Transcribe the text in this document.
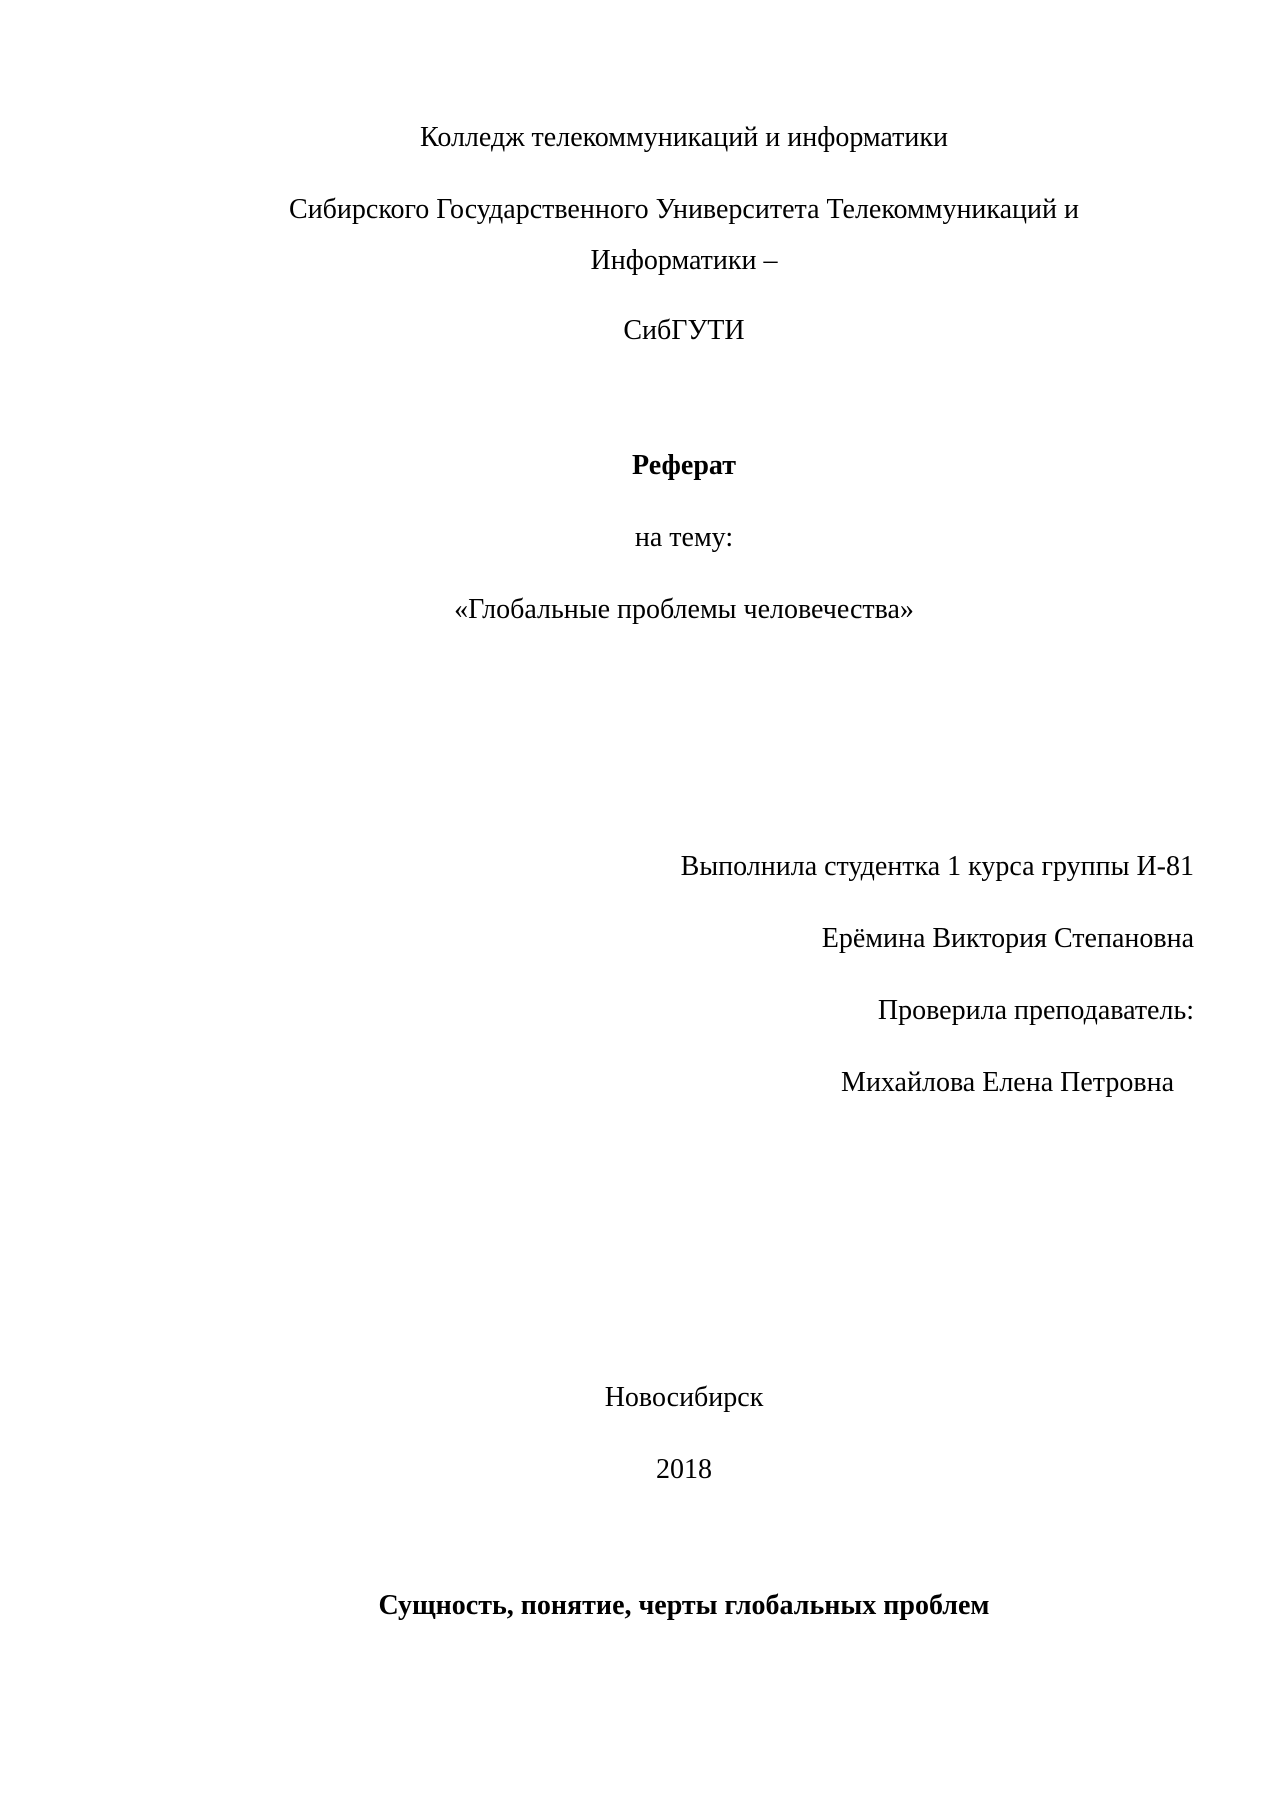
Колледж телекоммуникаций и информатики
Сибирского Государственного Университета Телекоммуникаций и
Информатики –
СибГУТИ
Реферат
на тему:
«Глобальные проблемы человечества»
Выполнила студентка 1 курса группы И-81
Ерёмина Виктория Степановна
Проверила преподаватель:
Михайлова Елена Петровна
Новосибирск
2018
Сущность, понятие, черты глобальных проблем
